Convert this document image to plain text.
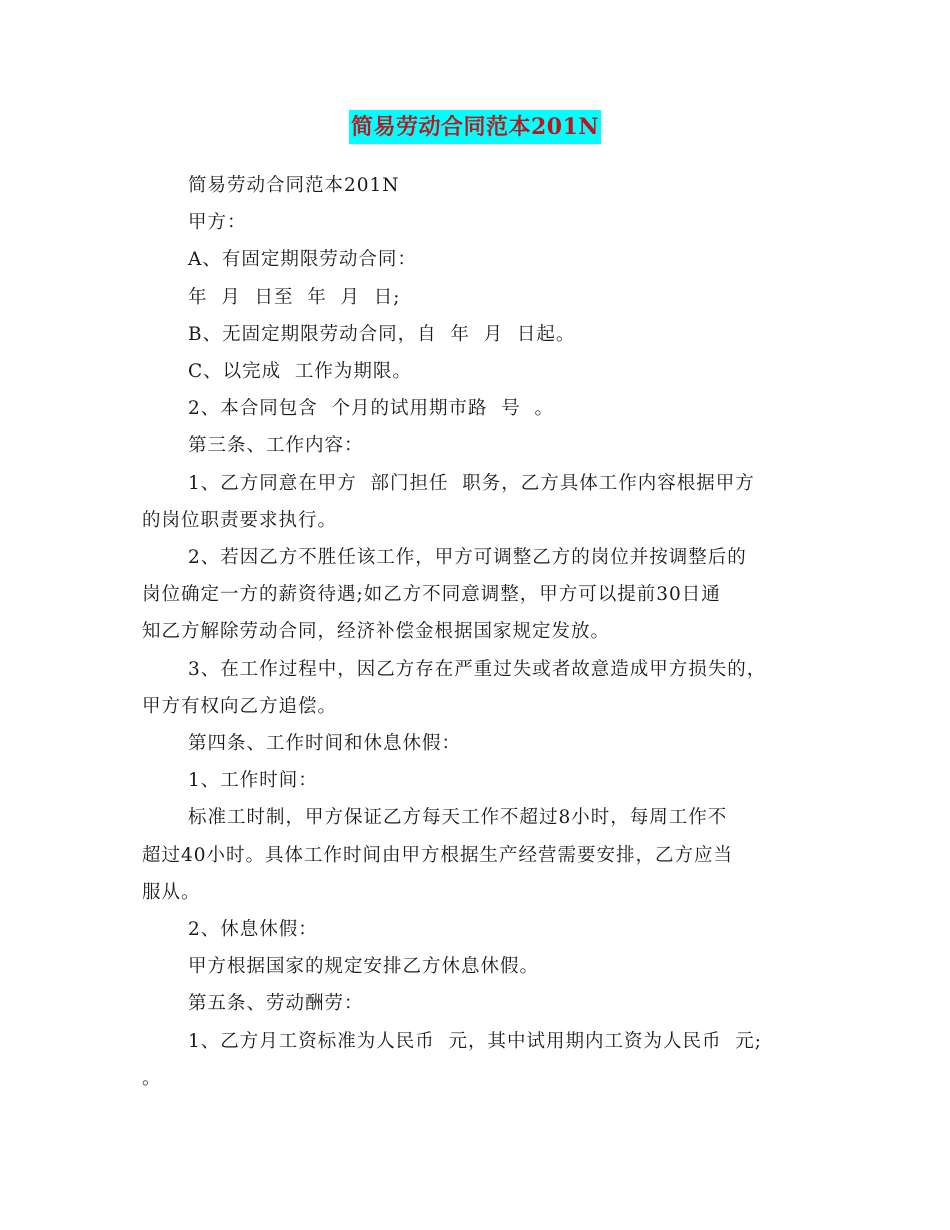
简易劳动合同范本201N
简易劳动合同范本201N
甲方：
A、有固定期限劳动合同：
年  月  日至  年  月  日;
B、无固定期限劳动合同，自  年  月  日起。
C、以完成  工作为期限。
2、本合同包含  个月的试用期市路  号  。
第三条、工作内容：
1、乙方同意在甲方  部门担任  职务，乙方具体工作内容根据甲方
的岗位职责要求执行。
2、若因乙方不胜任该工作，甲方可调整乙方的岗位并按调整后的
岗位确定一方的薪资待遇;如乙方不同意调整，甲方可以提前30日通
知乙方解除劳动合同，经济补偿金根据国家规定发放。
3、在工作过程中，因乙方存在严重过失或者故意造成甲方损失的，
甲方有权向乙方追偿。
第四条、工作时间和休息休假：
1、工作时间：
标准工时制，甲方保证乙方每天工作不超过8小时，每周工作不
超过40小时。具体工作时间由甲方根据生产经营需要安排，乙方应当
服从。
2、休息休假：
甲方根据国家的规定安排乙方休息休假。
第五条、劳动酬劳：
1、乙方月工资标准为人民币  元，其中试用期内工资为人民币  元;
。
